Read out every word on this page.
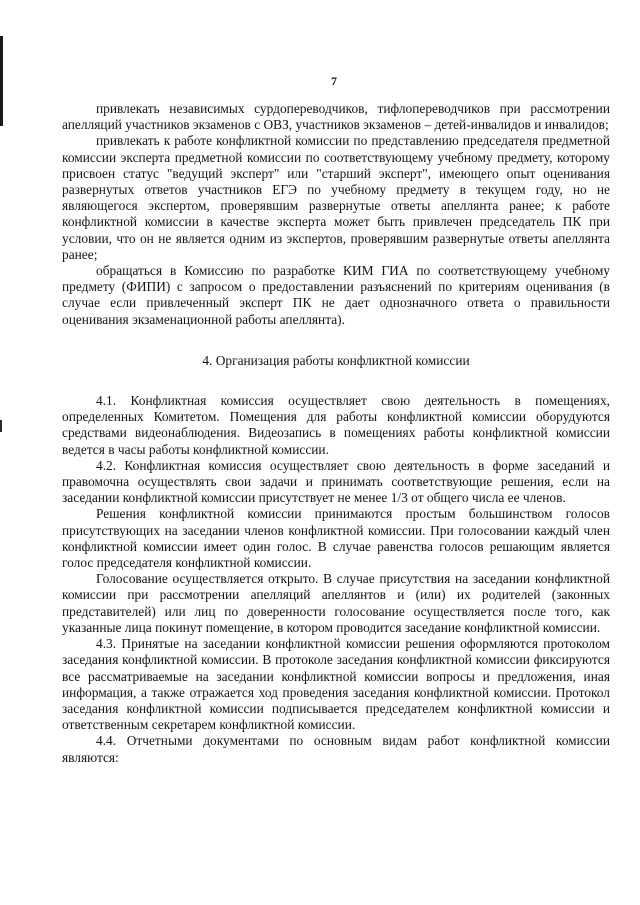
7

привлекать независимых сурдопереводчиков, тифлопереводчиков при рассмотрении апелляций участников экзаменов с ОВЗ, участников экзаменов – детей-инвалидов и инвалидов;

привлекать к работе конфликтной комиссии по представлению председателя предметной комиссии эксперта предметной комиссии по соответствующему учебному предмету, которому присвоен статус "ведущий эксперт" или "старший эксперт", имеющего опыт оценивания развернутых ответов участников ЕГЭ по учебному предмету в текущем году, но не являющегося экспертом, проверявшим развернутые ответы апеллянта ранее; к работе конфликтной комиссии в качестве эксперта может быть привлечен председатель ПК при условии, что он не является одним из экспертов, проверявшим развернутые ответы апеллянта ранее;

обращаться в Комиссию по разработке КИМ ГИА по соответствующему учебному предмету (ФИПИ) с запросом о предоставлении разъяснений по критериям оценивания (в случае если привлеченный эксперт ПК не дает однозначного ответа о правильности оценивания экзаменационной работы апеллянта).

4. Организация работы конфликтной комиссии

4.1. Конфликтная комиссия осуществляет свою деятельность в помещениях, определенных Комитетом. Помещения для работы конфликтной комиссии оборудуются средствами видеонаблюдения. Видеозапись в помещениях работы конфликтной комиссии ведется в часы работы конфликтной комиссии.

4.2. Конфликтная комиссия осуществляет свою деятельность в форме заседаний и правомочна осуществлять свои задачи и принимать соответствующие решения, если на заседании конфликтной комиссии присутствует не менее 1/3 от общего числа ее членов.

Решения конфликтной комиссии принимаются простым большинством голосов присутствующих на заседании членов конфликтной комиссии. При голосовании каждый член конфликтной комиссии имеет один голос. В случае равенства голосов решающим является голос председателя конфликтной комиссии.

Голосование осуществляется открыто. В случае присутствия на заседании конфликтной комиссии при рассмотрении апелляций апеллянтов и (или) их родителей (законных представителей) или лиц по доверенности голосование осуществляется после того, как указанные лица покинут помещение, в котором проводится заседание конфликтной комиссии.

4.3. Принятые на заседании конфликтной комиссии решения оформляются протоколом заседания конфликтной комиссии. В протоколе заседания конфликтной комиссии фиксируются все рассматриваемые на заседании конфликтной комиссии вопросы и предложения, иная информация, а также отражается ход проведения заседания конфликтной комиссии. Протокол заседания конфликтной комиссии подписывается председателем конфликтной комиссии и ответственным секретарем конфликтной комиссии.

4.4. Отчетными документами по основным видам работ конфликтной комиссии являются:
